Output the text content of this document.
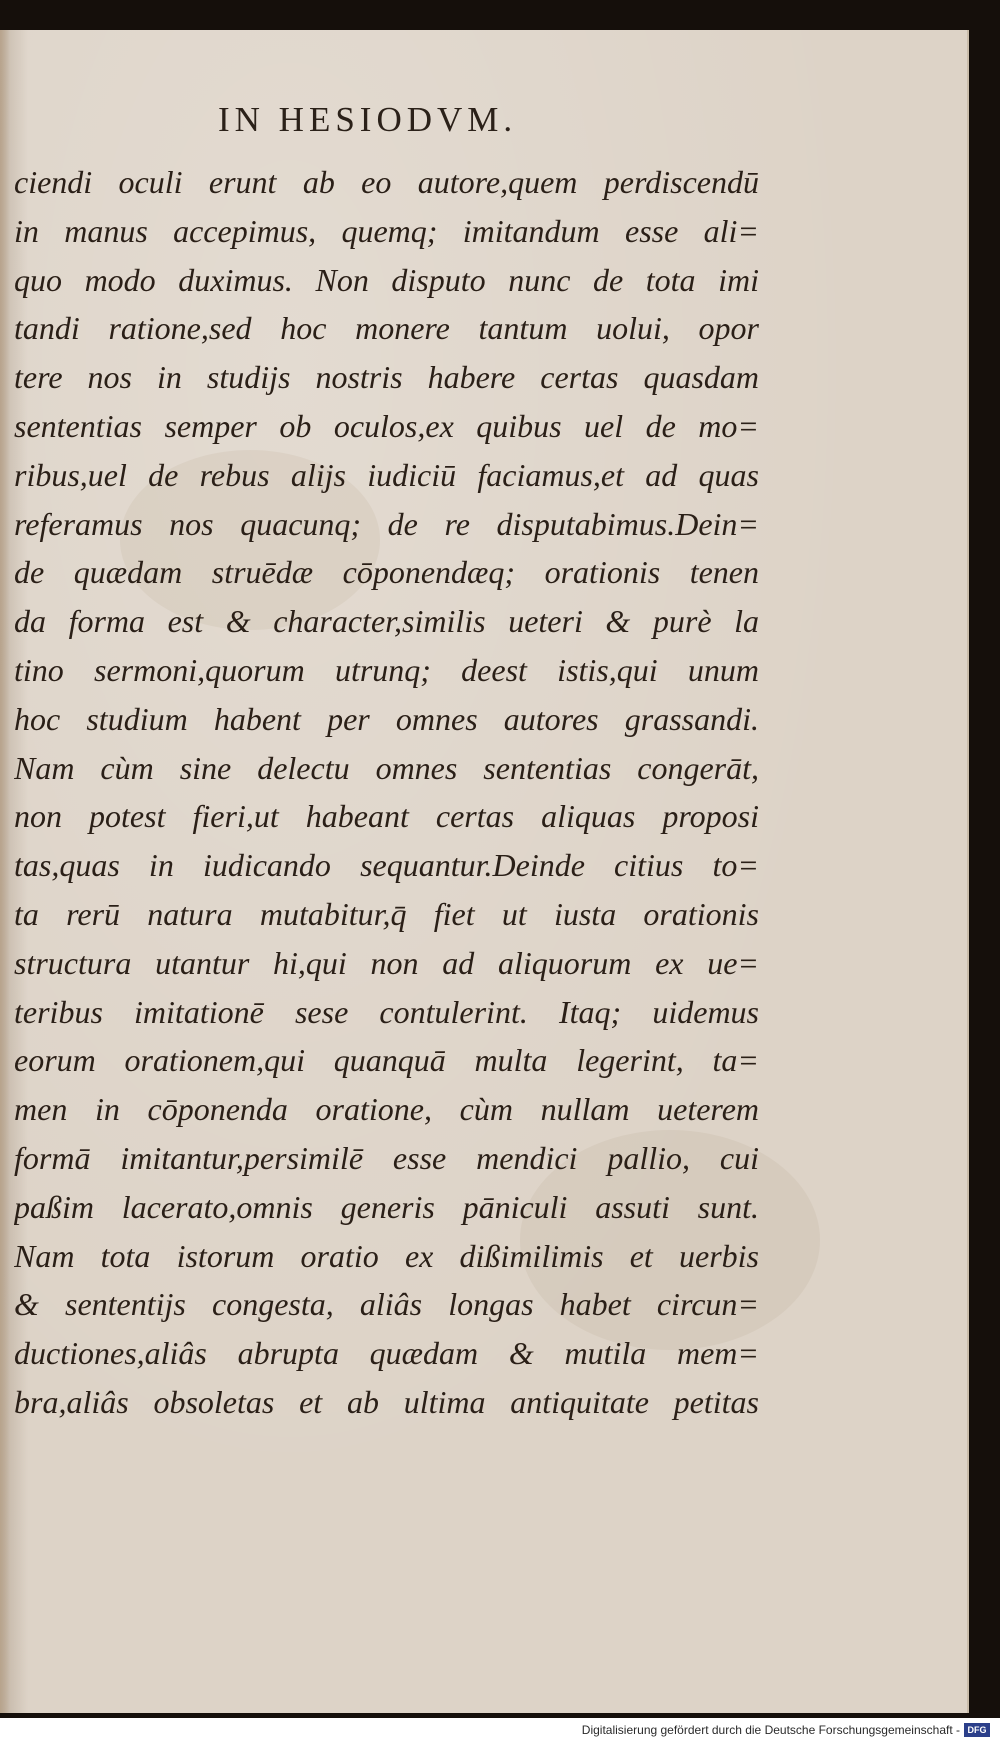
IN HESIODVM.
ciendi oculi erunt ab eo autore,quem perdiscendū
in manus accepimus, quemq; imitandum esse ali=
quo modo duximus. Non disputo nunc de tota imi
tandi ratione,sed hoc monere tantum uolui, opor
tere nos in studijs nostris habere certas quasdam
sententias semper ob oculos,ex quibus uel de mo=
ribus,uel de rebus alijs iudiciū faciamus,et ad quas
referamus nos quacunq; de re disputabimus.Dein=
de quædam struēdæ cōponendæq; orationis tenen
da forma est & character,similis ueteri & purè la
tino sermoni,quorum utrunq; deest istis,qui unum
hoc studium habent per omnes autores grassandi.
Nam cùm sine delectu omnes sententias congerāt,
non potest fieri,ut habeant certas aliquas proposi
tas,quas in iudicando sequantur.Deinde citius to=
ta rerū natura mutabitur,q̄ fiet ut iusta orationis
structura utantur hi,qui non ad aliquorum ex ue=
teribus imitationē sese contulerint. Itaq; uidemus
eorum orationem,qui quanquā multa legerint, ta=
men in cōponenda oratione, cùm nullam ueterem
formā imitantur,persimilē esse mendici pallio, cui
paßim lacerato,omnis generis pāniculi assuti sunt.
Nam tota istorum oratio ex dißimilimis et uerbis
& sententijs congesta, aliâs longas habet circun=
ductiones,aliâs abrupta quædam & mutila mem=
bra,aliâs obsoletas et ab ultima antiquitate petitas
Digitalisierung gefördert durch die Deutsche Forschungsgemeinschaft - DFG
